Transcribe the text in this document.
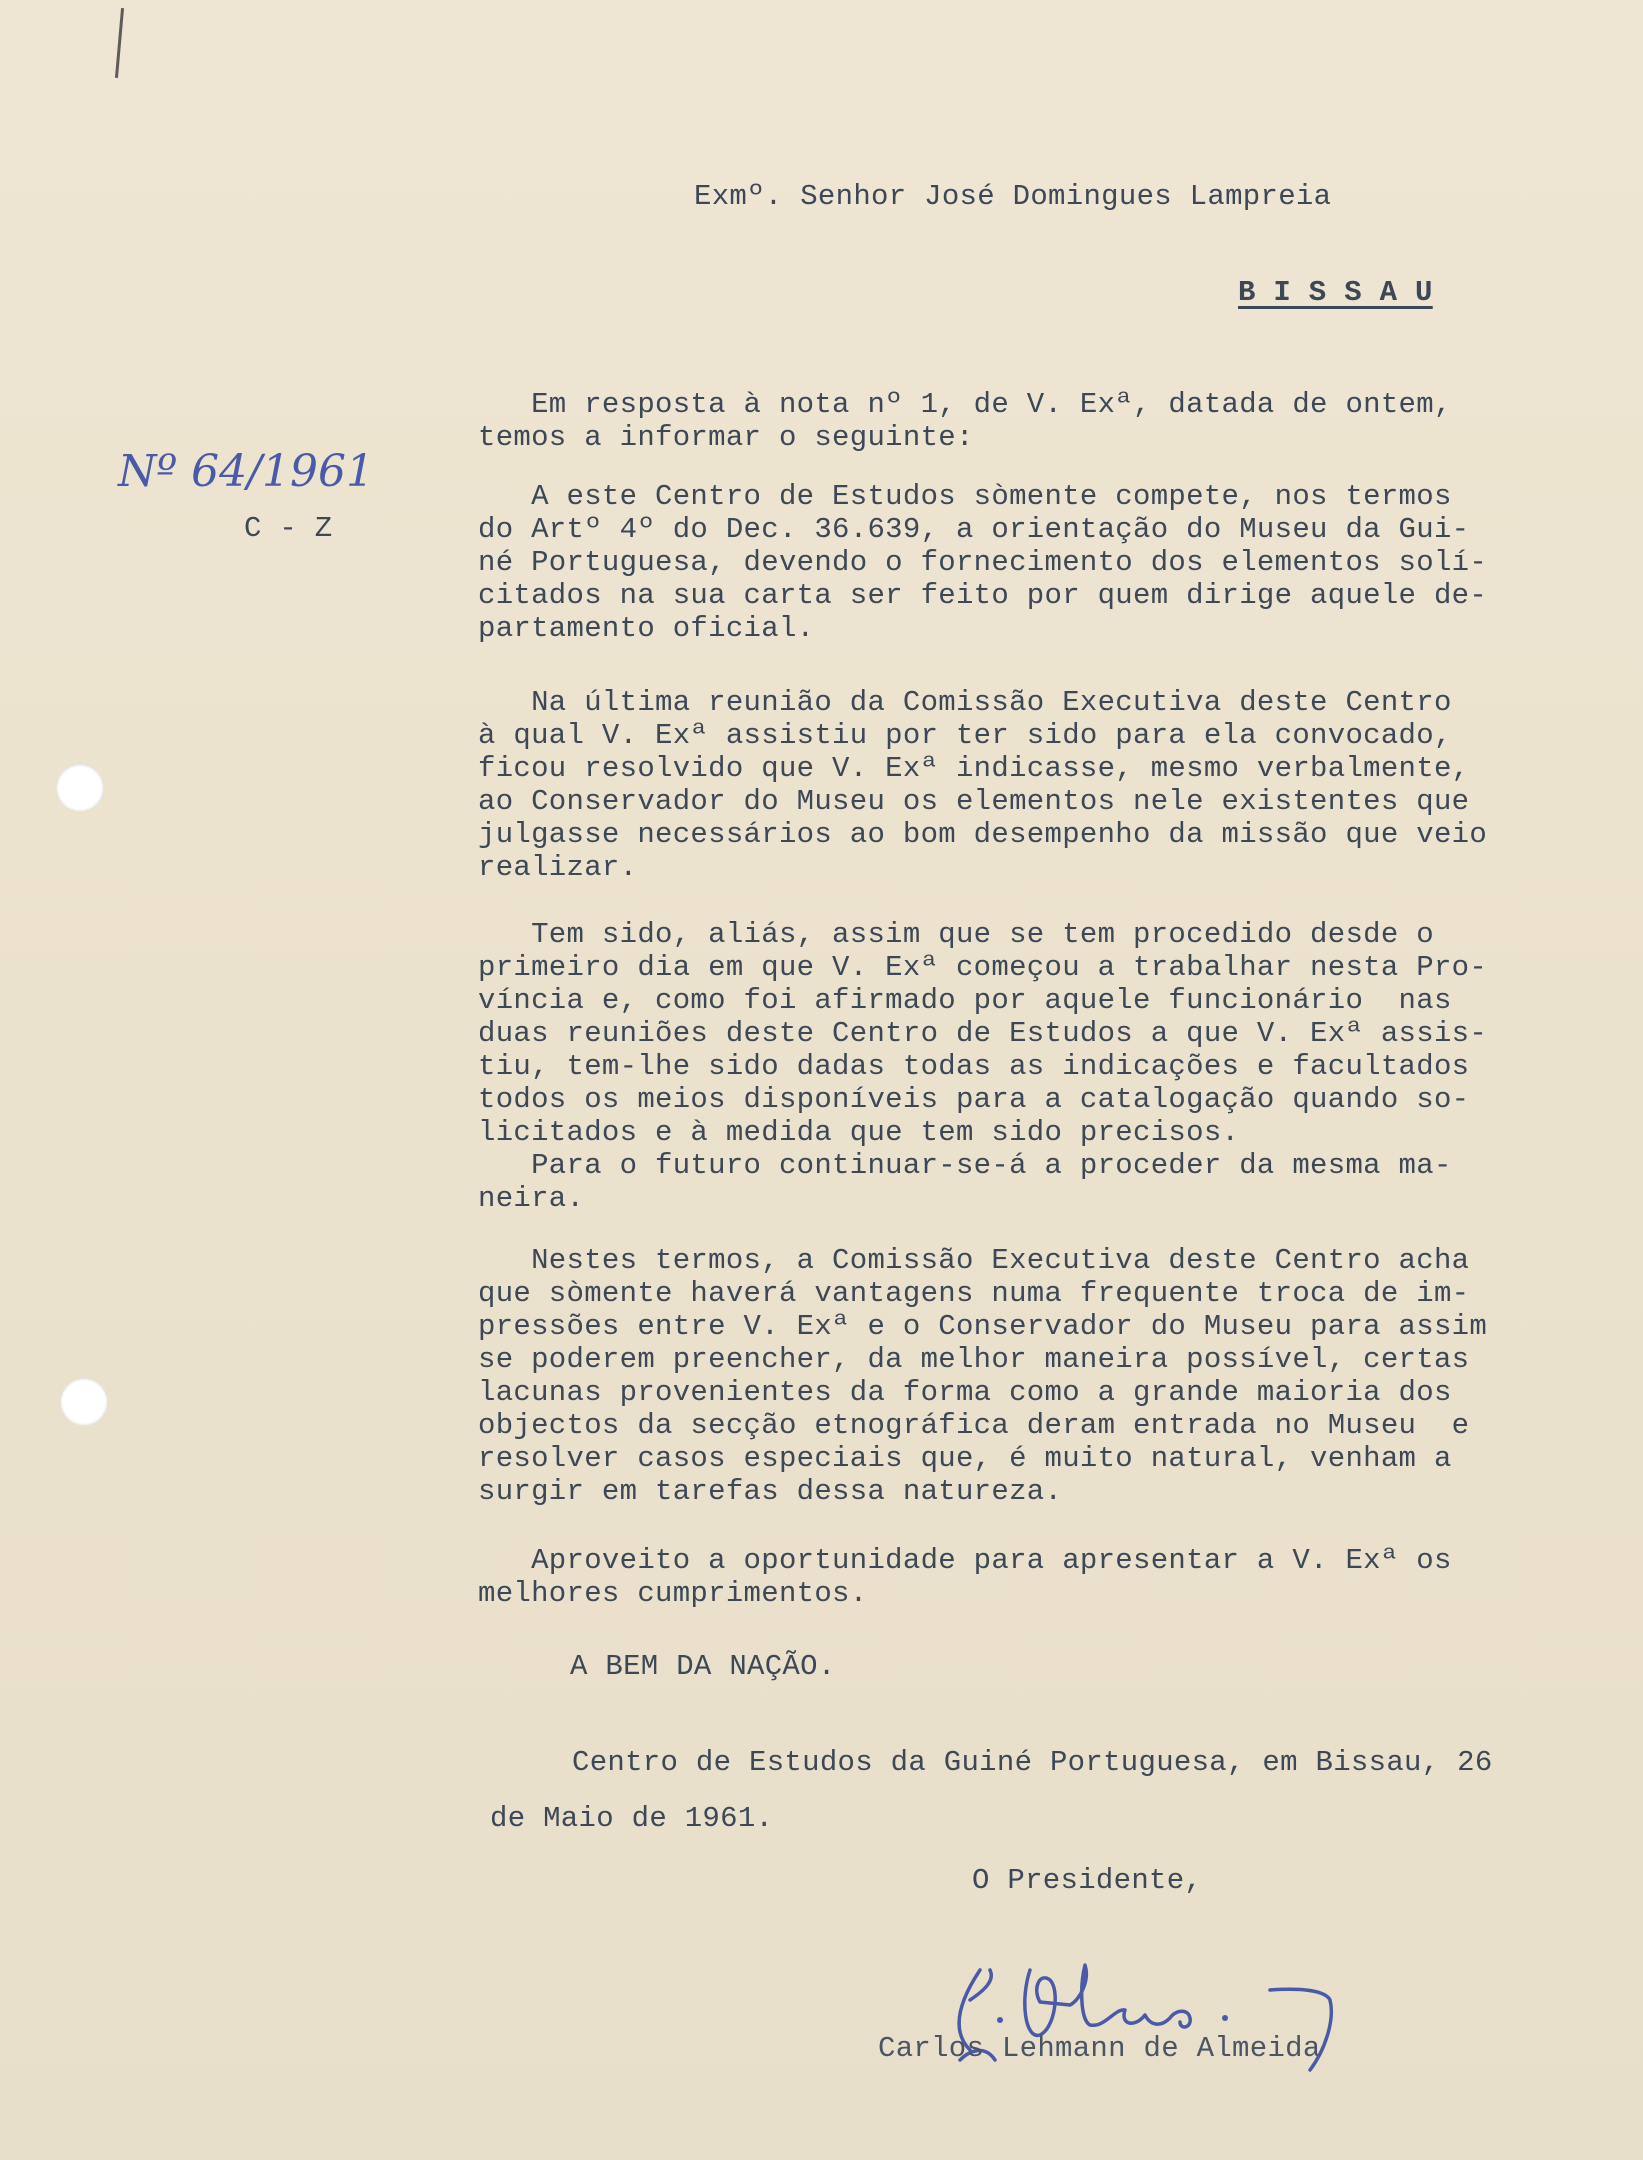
Nº 64/1961
C - Z
Exmº. Senhor José Domingues Lampreia
B I S S A U
Em resposta à nota nº 1, de V. Exª, datada de ontem,
temos a informar o seguinte:
A este Centro de Estudos sòmente compete, nos termos
do Artº 4º do Dec. 36.639, a orientação do Museu da Gui-
né Portuguesa, devendo o fornecimento dos elementos solí-
citados na sua carta ser feito por quem dirige aquele de-
partamento oficial.
Na última reunião da Comissão Executiva deste Centro
à qual V. Exª assistiu por ter sido para ela convocado,
ficou resolvido que V. Exª indicasse, mesmo verbalmente,
ao Conservador do Museu os elementos nele existentes que
julgasse necessários ao bom desempenho da missão que veio
realizar.
Tem sido, aliás, assim que se tem procedido desde o
primeiro dia em que V. Exª começou a trabalhar nesta Pro-
víncia e, como foi afirmado por aquele funcionário  nas
duas reuniões deste Centro de Estudos a que V. Exª assis-
tiu, tem-lhe sido dadas todas as indicações e facultados
todos os meios disponíveis para a catalogação quando so-
licitados e à medida que tem sido precisos.
Para o futuro continuar-se-á a proceder da mesma ma-
neira.
Nestes termos, a Comissão Executiva deste Centro acha
que sòmente haverá vantagens numa frequente troca de im-
pressões entre V. Exª e o Conservador do Museu para assim
se poderem preencher, da melhor maneira possível, certas
lacunas provenientes da forma como a grande maioria dos
objectos da secção etnográfica deram entrada no Museu  e
resolver casos especiais que, é muito natural, venham a
surgir em tarefas dessa natureza.
Aproveito a oportunidade para apresentar a V. Exª os
melhores cumprimentos.
A BEM DA NAÇÃO.
Centro de Estudos da Guiné Portuguesa, em Bissau, 26
de Maio de 1961.
O Presidente,
Carlos Lehmann de Almeida
